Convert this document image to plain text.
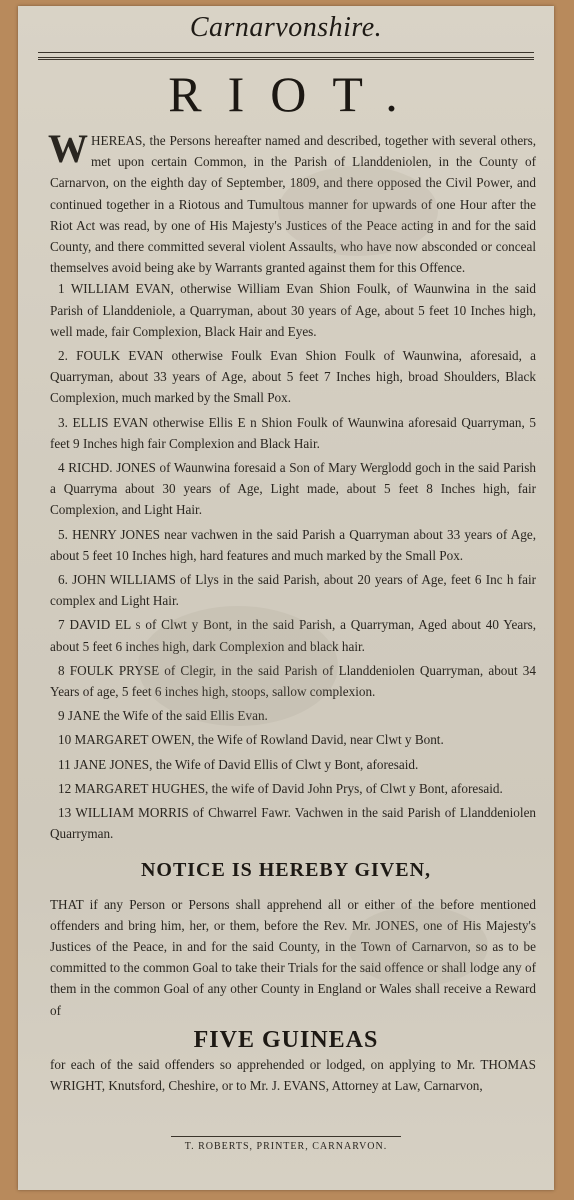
Carnarvonshire.
RIOT.

W HEREAS, the Persons hereafter named and described, together with several others, met upon certain Common, in the Parish of Llanddeniolen, in the County of Carnarvon, on the eighth day of September, 1809, and there opposed the Civil Power, and continued together in a Riotous and Tumultous manner for upwards of one Hour after the Riot Act was read, by one of His Majesty's Justices of the Peace acting in and for the said County, and there committed several violent Assaults, who have now absconded or conceal themselves avoid being ake by Warrants granted against them for this Offence.

1 WILLIAM EVAN, otherwise William Evan Shion Foulk, of Waunwina in the said Parish of Llanddeniole, a Quarryman, about 30 years of Age, about 5 feet 10 Inches high, well made, fair Complexion, Black Hair and Eyes.

2. FOULK EVAN otherwise Foulk Evan Shion Foulk of Waunwina, aforesaid, a Quarryman, about 33 years of Age, about 5 feet 7 Inches high, broad Shoulders, Black Complexion, much marked by the Small Pox.

3. ELLIS EVAN otherwise Ellis E n Shion Foulk of Waunwina aforesaid Quarryman, 5 feet 9 Inches high fair Complexion and Black Hair.

4 RICHD. JONES of Waunwina foresaid a Son of Mary Werglodd goch in the said Parish a Quarryma about 30 years of Age, Light made, about 5 feet 8 Inches high, fair Complexion, and Light Hair.

5. HENRY JONES near vachwen in the said Parish a Quarryman about 33 years of Age, about 5 feet 10 Inches high, hard features and much marked by the Small Pox.

6. JOHN WILLIAMS of Llys in the said Parish, about 20 years of Age, feet 6 Inc h fair complex and Light Hair.

7 DAVID EL s of Clwt y Bont, in the said Parish, a Quarryman, Aged about 40 Years, about 5 feet 6 inches high, dark Complexion and black hair.

8 FOULK PRYSE of Clegir, in the said Parish of Llanddeniolen Quarryman, about 34 Years of age, 5 feet 6 inches high, stoops, sallow complexion.

9 JANE the Wife of the said Ellis Evan.

10 MARGARET OWEN, the Wife of Rowland David, near Clwt y Bont.

11 JANE JONES, the Wife of David Ellis of Clwt y Bont, aforesaid.

12 MARGARET HUGHES, the wife of David John Prys, of Clwt y Bont, aforesaid.

13 WILLIAM MORRIS of Chwarrel Fawr. Vachwen in the said Parish of Llanddeniolen Quarryman.

NOTICE IS HEREBY GIVEN,

THAT if any Person or Persons shall apprehend all or either of the before mentioned offenders and bring him, her, or them, before the Rev. Mr. JONES, one of His Majesty's Justices of the Peace, in and for the said County, in the Town of Carnarvon, so as to be committed to the common Goal to take their Trials for the said offence or shall lodge any of them in the common Goal of any other County in England or Wales shall receive a Reward of

FIVE GUINEAS

for each of the said offenders so apprehended or lodged, on applying to Mr. THOMAS WRIGHT, Knutsford, Cheshire, or to Mr. J. EVANS, Attorney at Law, Carnarvon,

T. ROBERTS, PRINTER, CARNARVON.
